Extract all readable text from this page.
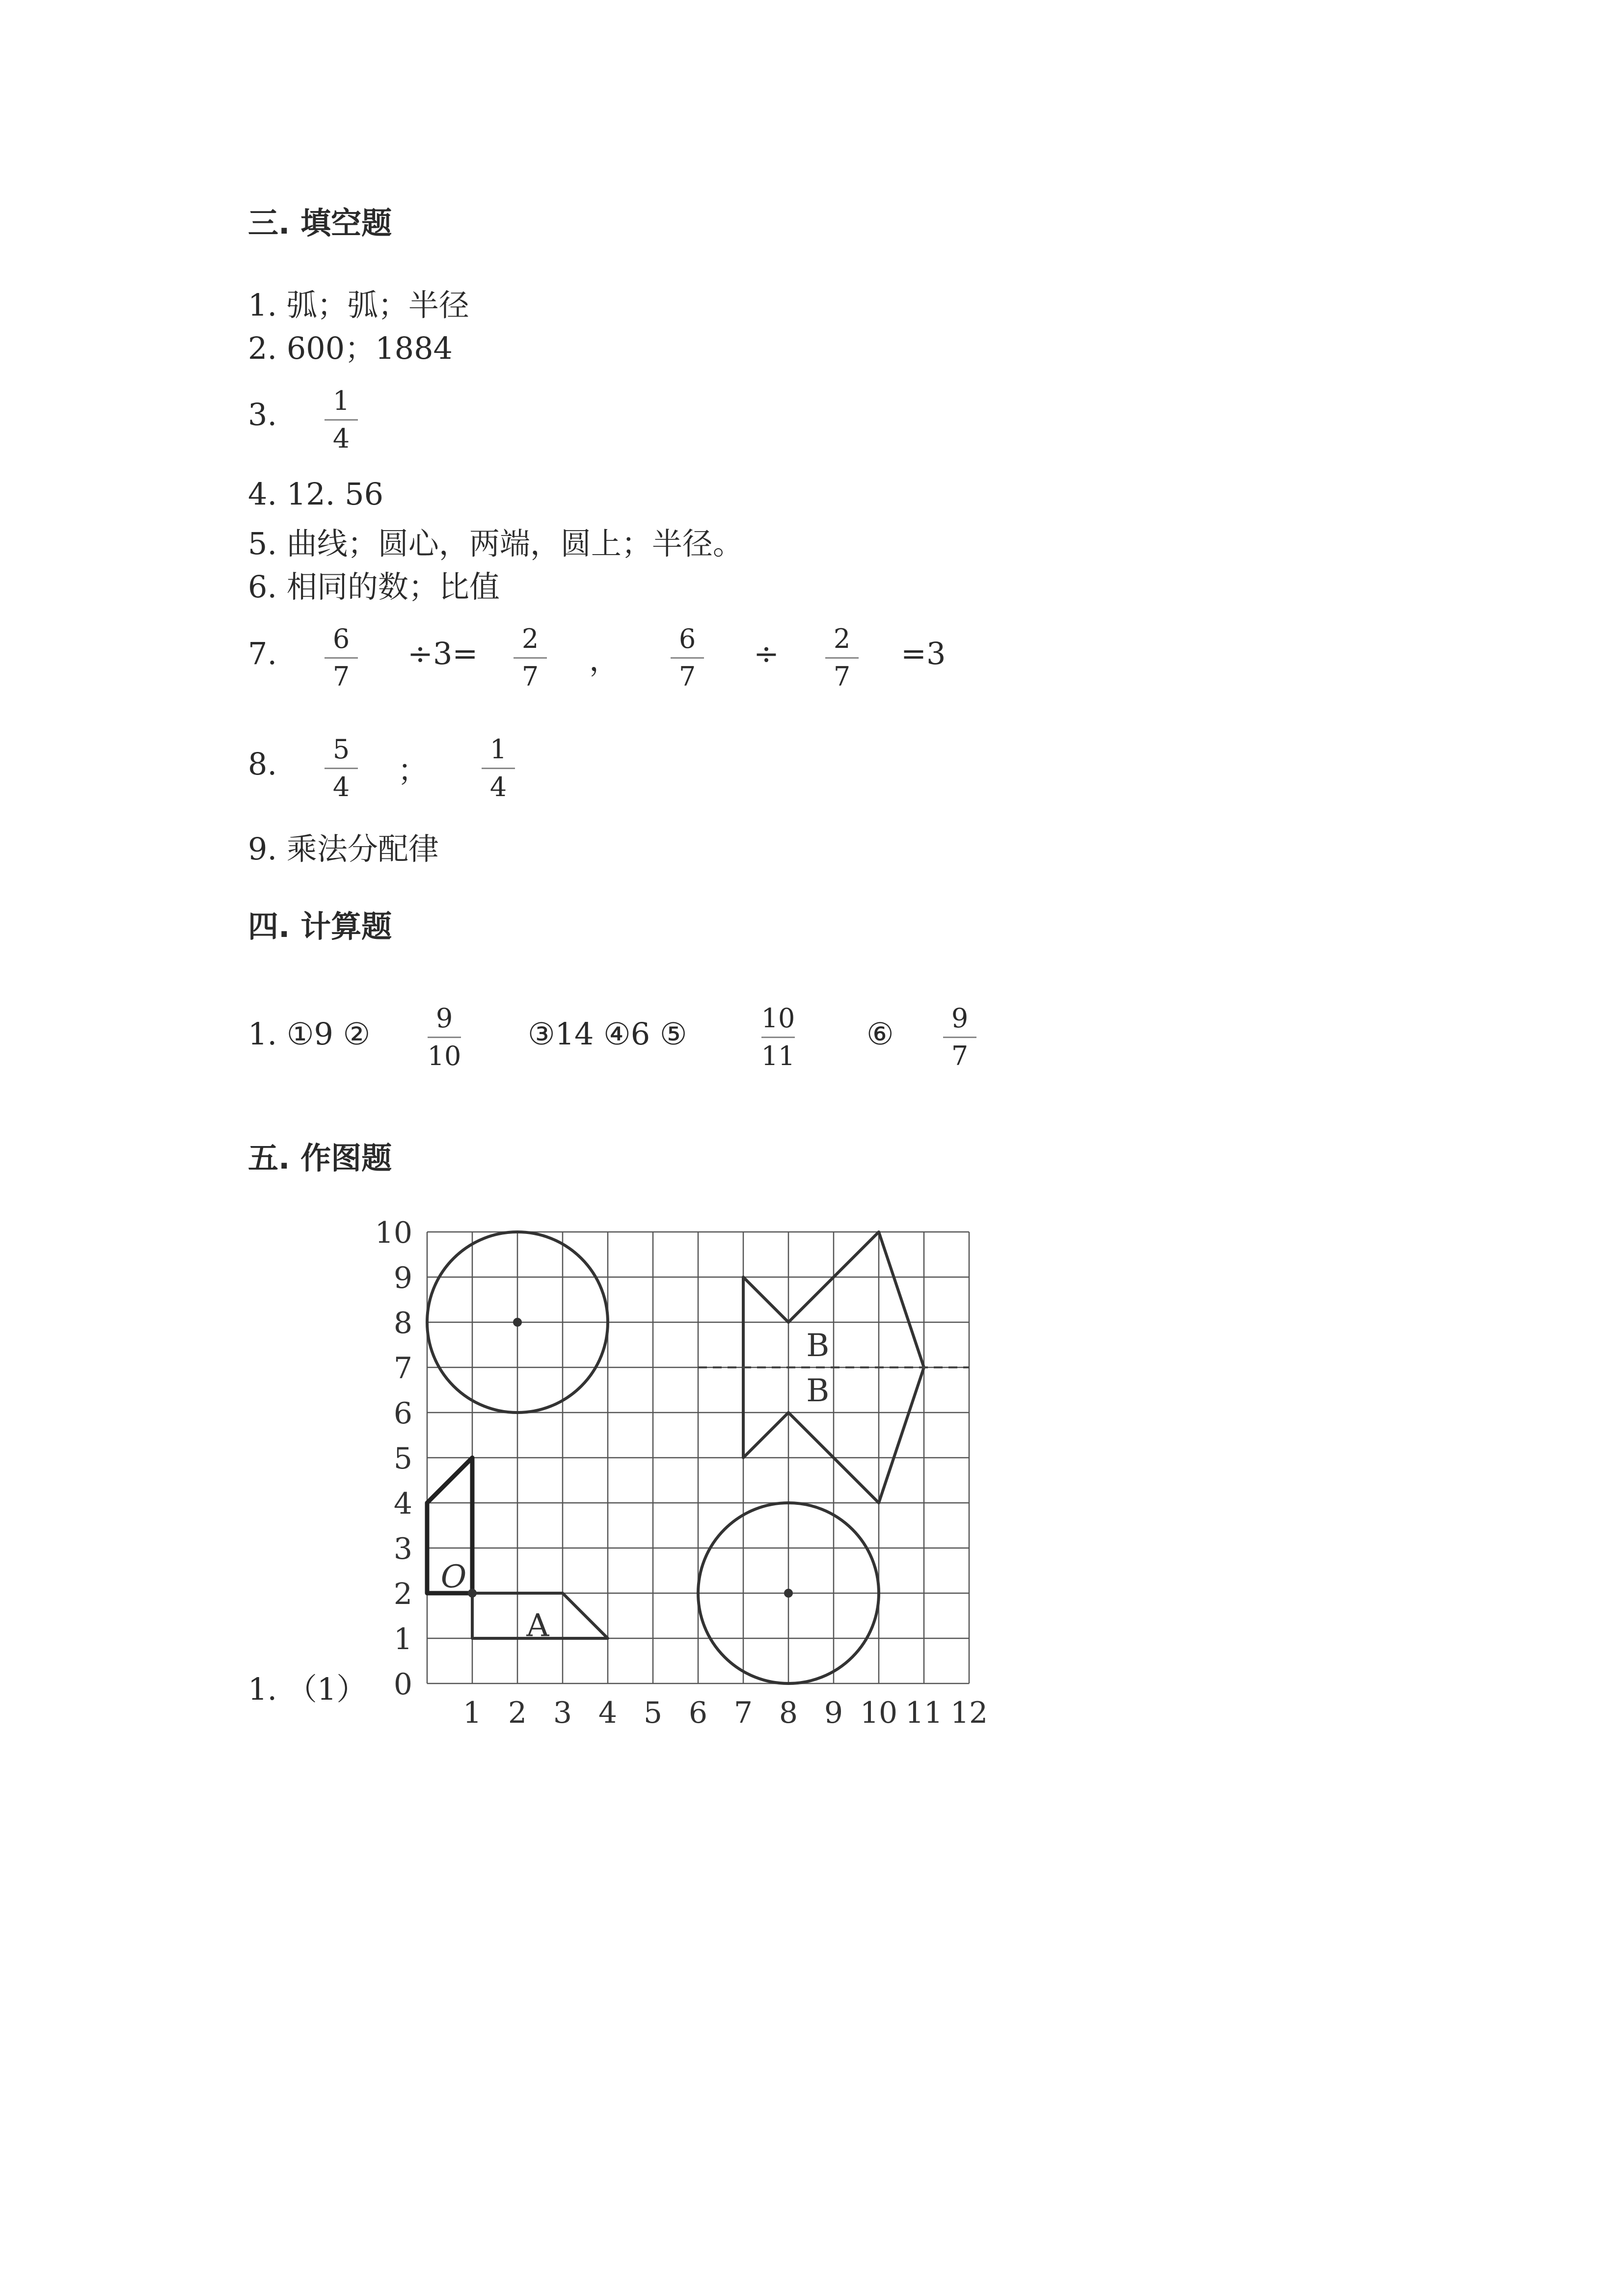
三. 填空题
1. 弧；弧；半径
2. 600；1884
3.	1
4
4. 12. 56
5. 曲线；圆心，两端，圆上；半径。
6. 相同的数；比值
7.	6
7
÷3=	2
7	，
6
7
÷	2
7
=3
8.	5
4	；
1
4
9. 乘法分配律
四. 计算题
1. ①9 ②	9
10
③14 ④6 ⑤	10
11
⑥	9
7
五. 作图题
1. （1）
1 2 3 4 5 6 7 8 9 10 11 12
0
1
2
3
4
5
6
7
8
9
10
O
A
B
B
